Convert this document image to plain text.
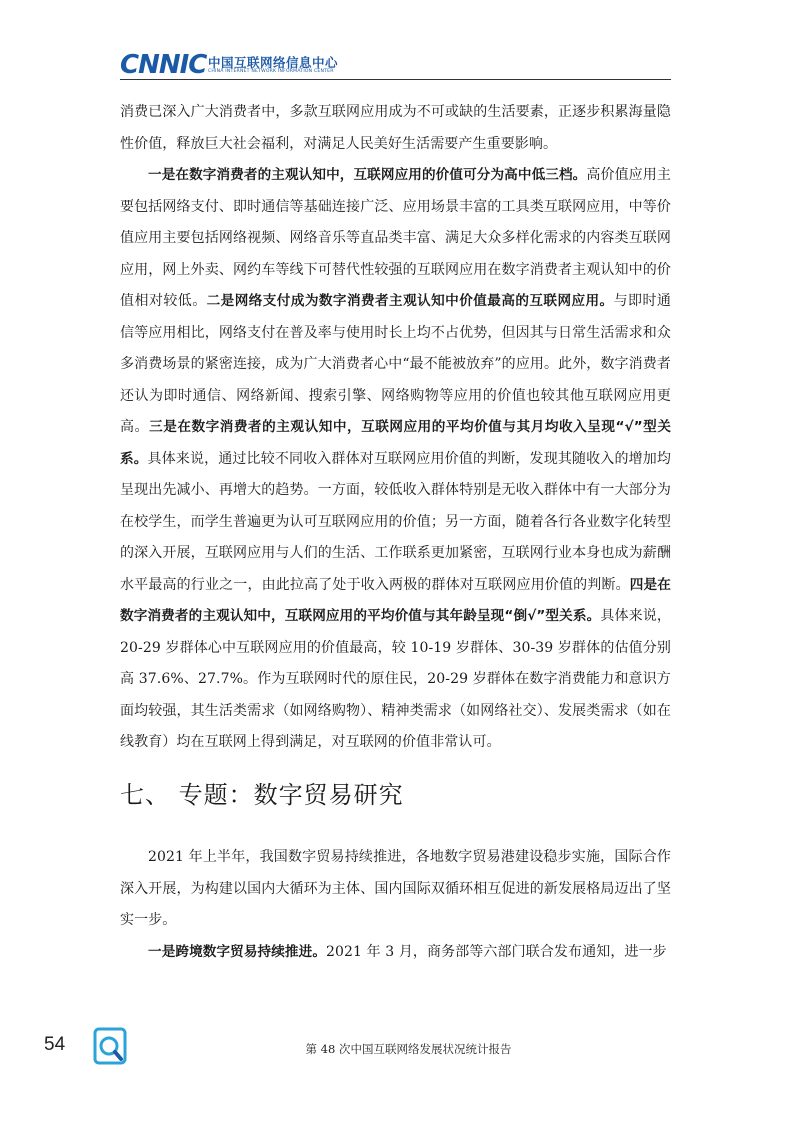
CNNIC 中国互联网络信息中心
CHINA INTERNET NETWORK INFORMATION CENTER

消费已深入广大消费者中，多款互联网应用成为不可或缺的生活要素，正逐步积累海量隐性价值，释放巨大社会福利，对满足人民美好生活需要产生重要影响。

一是在数字消费者的主观认知中，互联网应用的价值可分为高中低三档。高价值应用主要包括网络支付、即时通信等基础连接广泛、应用场景丰富的工具类互联网应用，中等价值应用主要包括网络视频、网络音乐等直品类丰富、满足大众多样化需求的内容类互联网应用，网上外卖、网约车等线下可替代性较强的互联网应用在数字消费者主观认知中的价值相对较低。二是网络支付成为数字消费者主观认知中价值最高的互联网应用。与即时通信等应用相比，网络支付在普及率与使用时长上均不占优势，但因其与日常生活需求和众多消费场景的紧密连接，成为广大消费者心中“最不能被放弃”的应用。此外，数字消费者还认为即时通信、网络新闻、搜索引擎、网络购物等应用的价值也较其他互联网应用更高。三是在数字消费者的主观认知中，互联网应用的平均价值与其月均收入呈现“√”型关系。具体来说，通过比较不同收入群体对互联网应用价值的判断，发现其随收入的增加均呈现出先减小、再增大的趋势。一方面，较低收入群体特别是无收入群体中有一大部分为在校学生，而学生普遍更为认可互联网应用的价值；另一方面，随着各行各业数字化转型的深入开展，互联网应用与人们的生活、工作联系更加紧密，互联网行业本身也成为薪酬水平最高的行业之一，由此拉高了处于收入两极的群体对互联网应用价值的判断。四是在数字消费者的主观认知中，互联网应用的平均价值与其年龄呈现“倒√”型关系。具体来说，20-29 岁群体心中互联网应用的价值最高，较 10-19 岁群体、30-39 岁群体的估值分别高 37.6%、27.7%。作为互联网时代的原住民，20-29 岁群体在数字消费能力和意识方面均较强，其生活类需求（如网络购物）、精神类需求（如网络社交）、发展类需求（如在线教育）均在互联网上得到满足，对互联网的价值非常认可。

七、 专题：数字贸易研究

2021 年上半年，我国数字贸易持续推进，各地数字贸易港建设稳步实施，国际合作深入开展，为构建以国内大循环为主体、国内国际双循环相互促进的新发展格局迈出了坚实一步。

一是跨境数字贸易持续推进。2021 年 3 月，商务部等六部门联合发布通知，进一步

54	第 48 次中国互联网络发展状况统计报告
